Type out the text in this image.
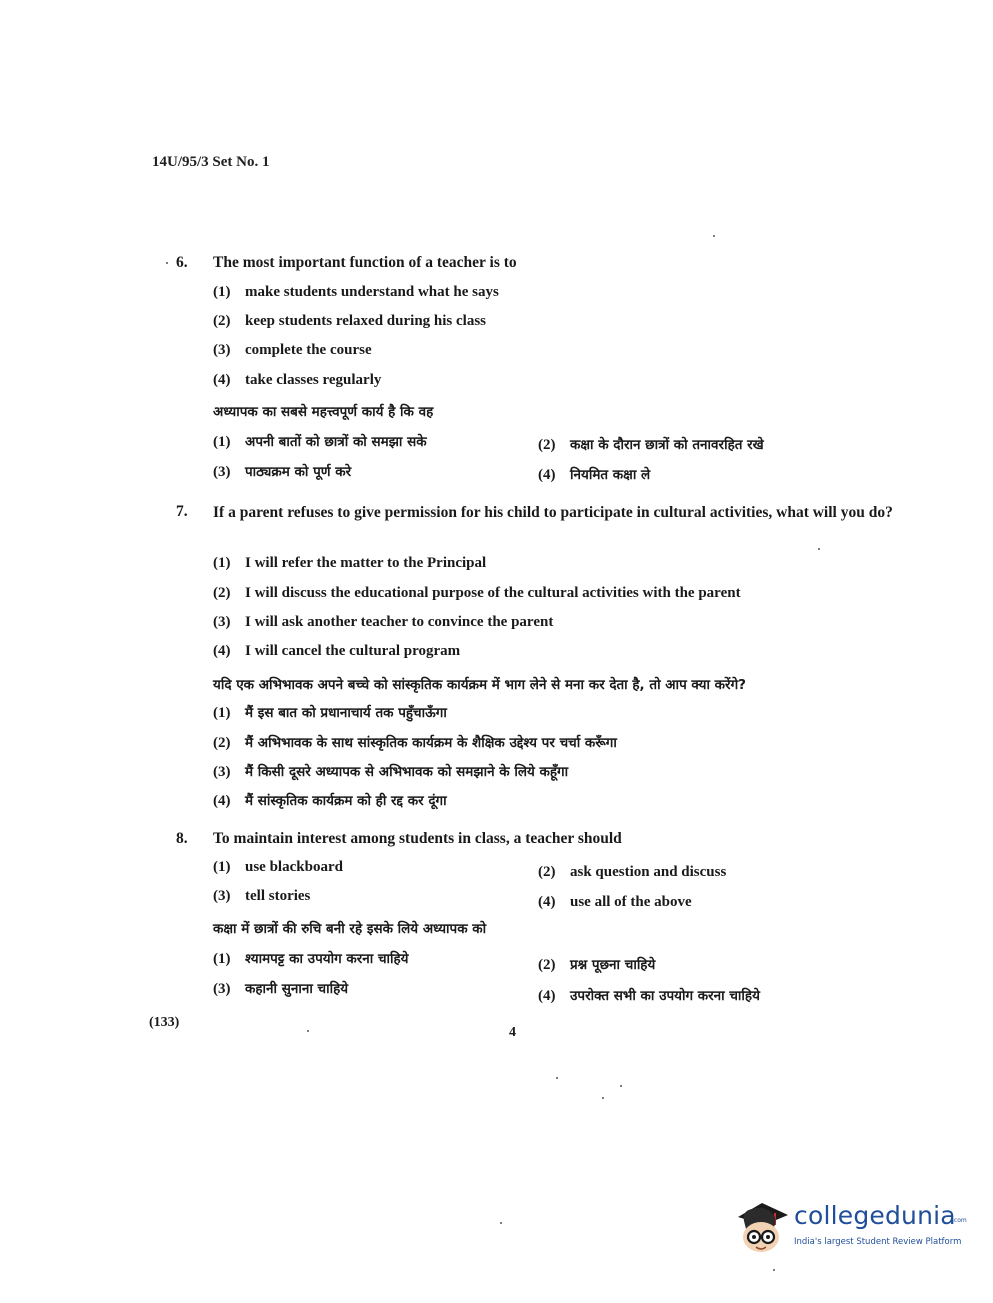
14U/95/3 Set No. 1
6. The most important function of a teacher is to
(1) make students understand what he says
(2) keep students relaxed during his class
(3) complete the course
(4) take classes regularly
अध्यापक का सबसे महत्त्वपूर्ण कार्य है कि वह
(1) अपनी बातों को छात्रों को समझा सके	(2) कक्षा के दौरान छात्रों को तनावरहित रखे
(3) पाठ्यक्रम को पूर्ण करे	(4) नियमित कक्षा ले
7. If a parent refuses to give permission for his child to participate in cultural activities, what will you do?
(1) I will refer the matter to the Principal
(2) I will discuss the educational purpose of the cultural activities with the parent
(3) I will ask another teacher to convince the parent
(4) I will cancel the cultural program
यदि एक अभिभावक अपने बच्चे को सांस्कृतिक कार्यक्रम में भाग लेने से मना कर देता है, तो आप क्या करेंगे?
(1) मैं इस बात को प्रधानाचार्य तक पहुँचाऊँगा
(2) मैं अभिभावक के साथ सांस्कृतिक कार्यक्रम के शैक्षिक उद्देश्य पर चर्चा करूँगा
(3) मैं किसी दूसरे अध्यापक से अभिभावक को समझाने के लिये कहूँगा
(4) मैं सांस्कृतिक कार्यक्रम को ही रद्द कर दूंगा
8. To maintain interest among students in class, a teacher should
(1) use blackboard	(2) ask question and discuss
(3) tell stories	(4) use all of the above
कक्षा में छात्रों की रुचि बनी रहे इसके लिये अध्यापक को
(1) श्यामपट्ट का उपयोग करना चाहिये	(2) प्रश्न पूछना चाहिये
(3) कहानी सुनाना चाहिये	(4) उपरोक्त सभी का उपयोग करना चाहिये
(133)
4
collegedunia
.com
India's largest Student Review Platform
